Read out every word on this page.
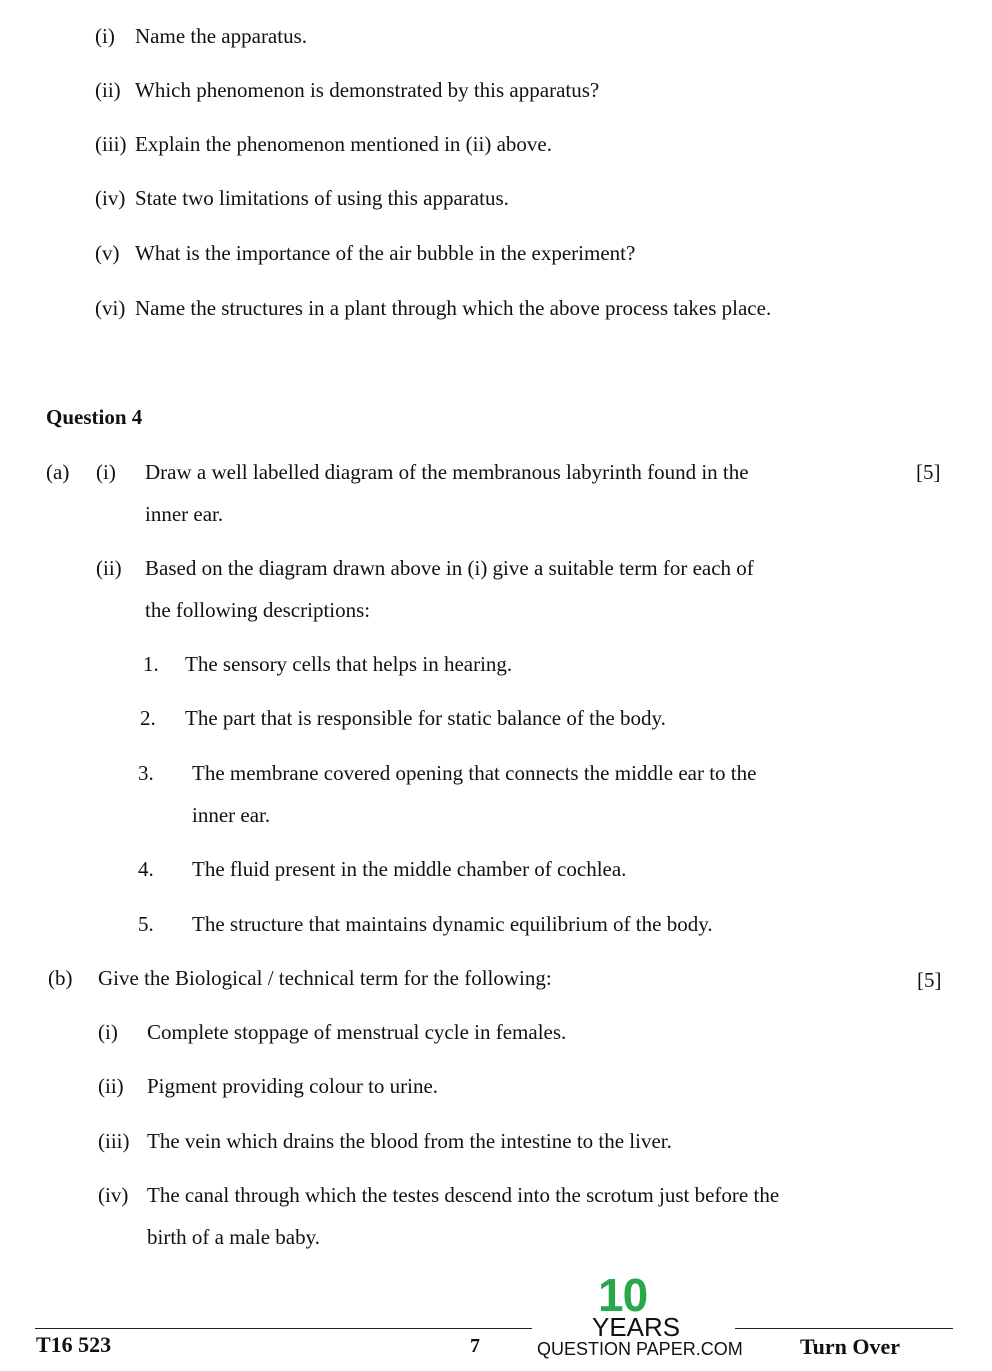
(i) Name the apparatus.
(ii) Which phenomenon is demonstrated by this apparatus?
(iii) Explain the phenomenon mentioned in (ii) above.
(iv) State two limitations of using this apparatus.
(v) What is the importance of the air bubble in the experiment?
(vi) Name the structures in a plant through which the above process takes place.
Question 4
(a) (i) Draw a well labelled diagram of the membranous labyrinth found in the	[5]
inner ear.
(ii) Based on the diagram drawn above in (i) give a suitable term for each of
the following descriptions:
1. The sensory cells that helps in hearing.
2. The part that is responsible for static balance of the body.
3. The membrane covered opening that connects the middle ear to the
inner ear.
4. The fluid present in the middle chamber of cochlea.
5. The structure that maintains dynamic equilibrium of the body.
(b) Give the Biological / technical term for the following:	[5]
(i) Complete stoppage of menstrual cycle in females.
(ii) Pigment providing colour to urine.
(iii) The vein which drains the blood from the intestine to the liver.
(iv) The canal through which the testes descend into the scrotum just before the
birth of a male baby.
T16 523	7	Turn Over
10
YEARS
QUESTION PAPER.COM
